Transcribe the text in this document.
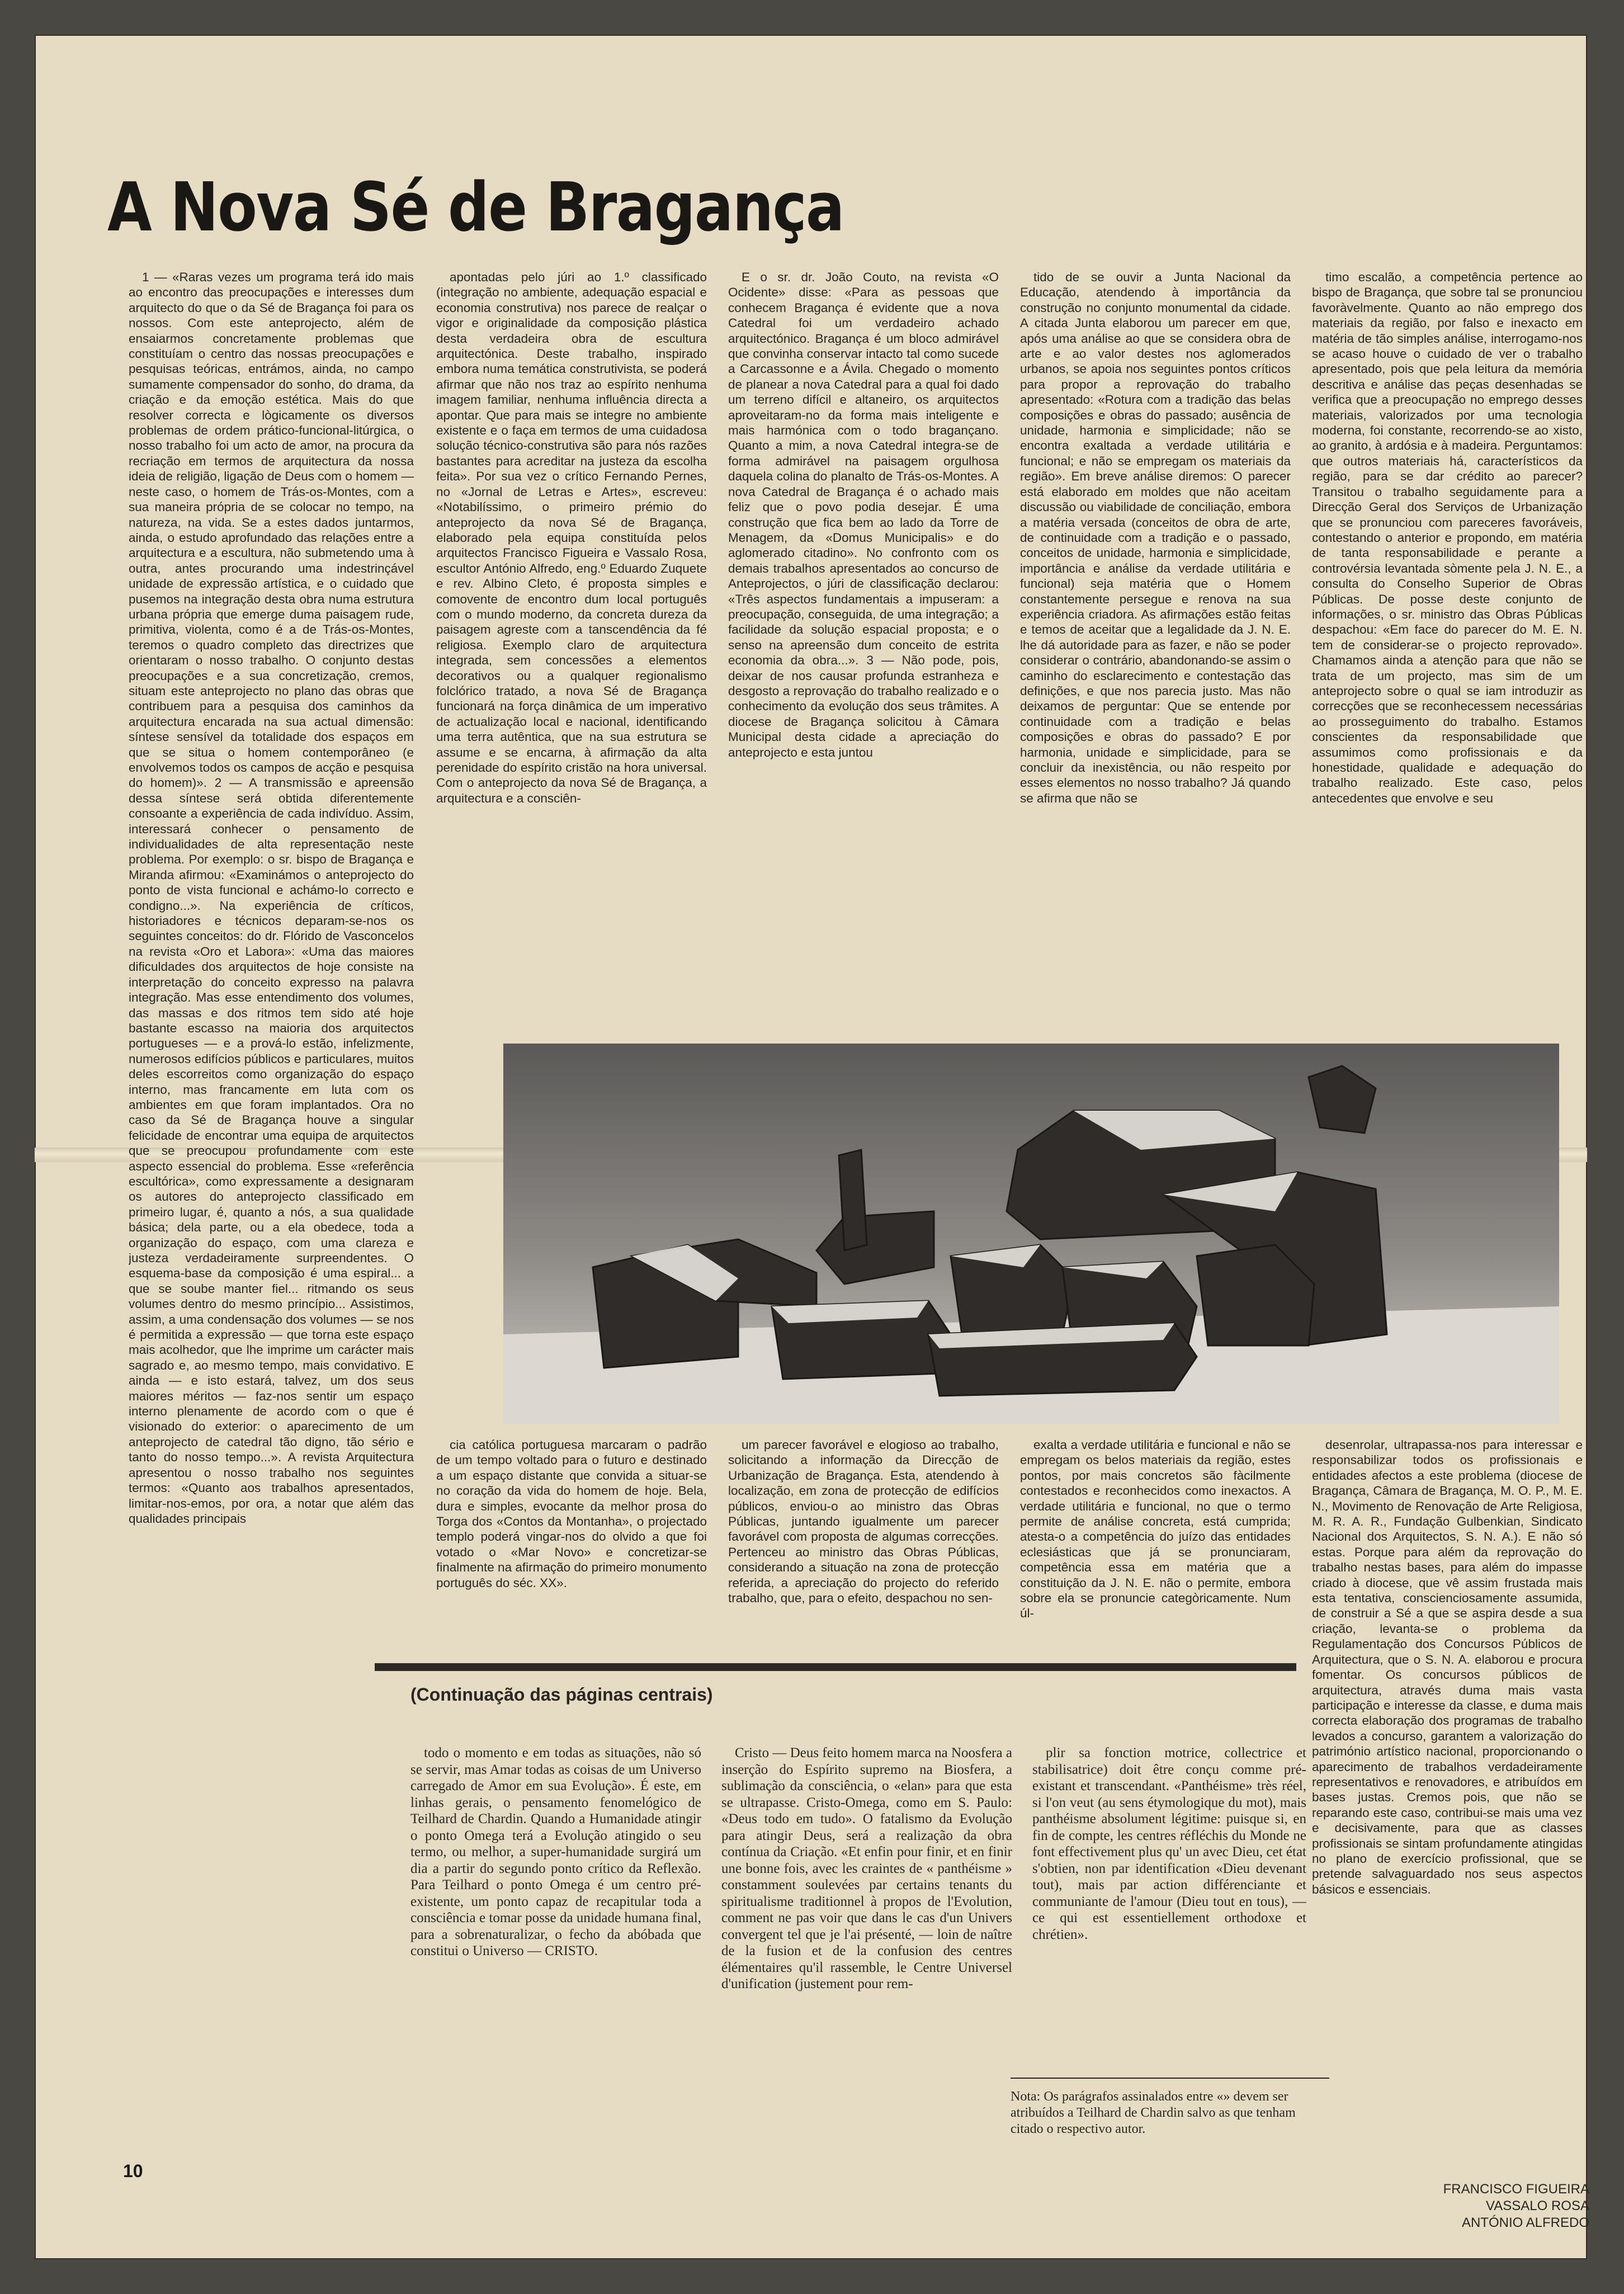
A Nova Sé de Bragança

1 — «Raras vezes um programa terá ido mais ao encontro das preocupações e interesses dum arquitecto do que o da Sé de Bragança foi para os nossos. Com este anteprojecto, além de ensaiarmos concretamente problemas que constituíam o centro das nossas preocupações e pesquisas teóricas, entrámos, ainda, no campo sumamente compensador do sonho, do drama, da criação e da emoção estética. Mais do que resolver correcta e lògicamente os diversos problemas de ordem prático-funcional-litúrgica, o nosso trabalho foi um acto de amor, na procura da recriação em termos de arquitectura da nossa ideia de religião, ligação de Deus com o homem — neste caso, o homem de Trás-os-Montes, com a sua maneira própria de se colocar no tempo, na natureza, na vida. Se a estes dados juntarmos, ainda, o estudo aprofundado das relações entre a arquitectura e a escultura, não submetendo uma à outra, antes procurando uma indestrinçável unidade de expressão artística, e o cuidado que pusemos na integração desta obra numa estrutura urbana própria que emerge duma paisagem rude, primitiva, violenta, como é a de Trás-os-Montes, teremos o quadro completo das directrizes que orientaram o nosso trabalho. O conjunto destas preocupações e a sua concretização, cremos, situam este anteprojecto no plano das obras que contribuem para a pesquisa dos caminhos da arquitectura encarada na sua actual dimensão: síntese sensível da totalidade dos espaços em que se situa o homem contemporâneo (e envolvemos todos os campos de acção e pesquisa do homem)». 2 — A transmissão e apreensão dessa síntese será obtida diferentemente consoante a experiência de cada indivíduo. Assim, interessará conhecer o pensamento de individualidades de alta representação neste problema. Por exemplo: o sr. bispo de Bragança e Miranda afirmou: «Examinámos o anteprojecto do ponto de vista funcional e achámo-lo correcto e condigno...». Na experiência de críticos, historiadores e técnicos deparam-se-nos os seguintes conceitos: do dr. Flórido de Vasconcelos na revista «Oro et Labora»: «Uma das maiores dificuldades dos arquitectos de hoje consiste na interpretação do conceito expresso na palavra integração. Mas esse entendimento dos volumes, das massas e dos ritmos tem sido até hoje bastante escasso na maioria dos arquitectos portugueses — e a prová-lo estão, infelizmente, numerosos edifícios públicos e particulares, muitos deles escorreitos como organização do espaço interno, mas francamente em luta com os ambientes em que foram implantados. Ora no caso da Sé de Bragança houve a singular felicidade de encontrar uma equipa de arquitectos que se preocupou profundamente com este aspecto essencial do problema. Esse «referência escultórica», como expressamente a designaram os autores do anteprojecto classificado em primeiro lugar, é, quanto a nós, a sua qualidade básica; dela parte, ou a ela obedece, toda a organização do espaço, com uma clareza e justeza verdadeiramente surpreendentes. O esquema-base da composição é uma espiral... a que se soube manter fiel... ritmando os seus volumes dentro do mesmo princípio... Assistimos, assim, a uma condensação dos volumes — se nos é permitida a expressão — que torna este espaço mais acolhedor, que lhe imprime um carácter mais sagrado e, ao mesmo tempo, mais convidativo. E ainda — e isto estará, talvez, um dos seus maiores méritos — faz-nos sentir um espaço interno plenamente de acordo com o que é visionado do exterior: o aparecimento de um anteprojecto de catedral tão digno, tão sério e tanto do nosso tempo...». A revista Arquitectura apresentou o nosso trabalho nos seguintes termos: «Quanto aos trabalhos apresentados, limitar-nos-emos, por ora, a notar que além das qualidades principais

apontadas pelo júri ao 1.º classificado (integração no ambiente, adequação espacial e economia construtiva) nos parece de realçar o vigor e originalidade da composição plástica desta verdadeira obra de escultura arquitectónica. Deste trabalho, inspirado embora numa temática construtivista, se poderá afirmar que não nos traz ao espírito nenhuma imagem familiar, nenhuma influência directa a apontar. Que para mais se integre no ambiente existente e o faça em termos de uma cuidadosa solução técnico-construtiva são para nós razões bastantes para acreditar na justeza da escolha feita». Por sua vez o crítico Fernando Pernes, no «Jornal de Letras e Artes», escreveu: «Notabilíssimo, o primeiro prémio do anteprojecto da nova Sé de Bragança, elaborado pela equipa constituída pelos arquitectos Francisco Figueira e Vassalo Rosa, escultor António Alfredo, eng.º Eduardo Zuquete e rev. Albino Cleto, é proposta simples e comovente de encontro dum local português com o mundo moderno, da concreta dureza da paisagem agreste com a tanscendência da fé religiosa. Exemplo claro de arquitectura integrada, sem concessões a elementos decorativos ou a qualquer regionalismo folclórico tratado, a nova Sé de Bragança funcionará na força dinâmica de um imperativo de actualização local e nacional, identificando uma terra autêntica, que na sua estrutura se assume e se encarna, à afirmação da alta perenidade do espírito cristão na hora universal. Com o anteprojecto da nova Sé de Bragança, a arquitectura e a consciên-

E o sr. dr. João Couto, na revista «O Ocidente» disse: «Para as pessoas que conhecem Bragança é evidente que a nova Catedral foi um verdadeiro achado arquitectónico. Bragança é um bloco admirável que convinha conservar intacto tal como sucede a Carcassonne e a Ávila. Chegado o momento de planear a nova Catedral para a qual foi dado um terreno difícil e altaneiro, os arquitectos aproveitaram-no da forma mais inteligente e mais harmónica com o todo bragançano. Quanto a mim, a nova Catedral integra-se de forma admirável na paisagem orgulhosa daquela colina do planalto de Trás-os-Montes. A nova Catedral de Bragança é o achado mais feliz que o povo podia desejar. É uma construção que fica bem ao lado da Torre de Menagem, da «Domus Municipalis» e do aglomerado citadino». No confronto com os demais trabalhos apresentados ao concurso de Anteprojectos, o júri de classificação declarou: «Três aspectos fundamentais a impuseram: a preocupação, conseguida, de uma integração; a facilidade da solução espacial proposta; e o senso na apreensão dum conceito de estrita economia da obra...». 3 — Não pode, pois, deixar de nos causar profunda estranheza e desgosto a reprovação do trabalho realizado e o conhecimento da evolução dos seus trâmites. A diocese de Bragança solicitou à Câmara Municipal desta cidade a apreciação do anteprojecto e esta juntou

tido de se ouvir a Junta Nacional da Educação, atendendo à importância da construção no conjunto monumental da cidade. A citada Junta elaborou um parecer em que, após uma análise ao que se considera obra de arte e ao valor destes nos aglomerados urbanos, se apoia nos seguintes pontos críticos para propor a reprovação do trabalho apresentado: «Rotura com a tradição das belas composições e obras do passado; ausência de unidade, harmonia e simplicidade; não se encontra exaltada a verdade utilitária e funcional; e não se empregam os materiais da região». Em breve análise diremos: O parecer está elaborado em moldes que não aceitam discussão ou viabilidade de conciliação, embora a matéria versada (conceitos de obra de arte, de continuidade com a tradição e o passado, conceitos de unidade, harmonia e simplicidade, importância e análise da verdade utilitária e funcional) seja matéria que o Homem constantemente persegue e renova na sua experiência criadora. As afirmações estão feitas e temos de aceitar que a legalidade da J. N. E. lhe dá autoridade para as fazer, e não se poder considerar o contrário, abandonando-se assim o caminho do esclarecimento e contestação das definições, e que nos parecia justo. Mas não deixamos de perguntar: Que se entende por continuidade com a tradição e belas composições e obras do passado? E por harmonia, unidade e simplicidade, para se concluir da inexistência, ou não respeito por esses elementos no nosso trabalho? Já quando se afirma que não se

timo escalão, a competência pertence ao bispo de Bragança, que sobre tal se pronunciou favoràvelmente. Quanto ao não emprego dos materiais da região, por falso e inexacto em matéria de tão simples análise, interrogamo-nos se acaso houve o cuidado de ver o trabalho apresentado, pois que pela leitura da memória descritiva e análise das peças desenhadas se verifica que a preocupação no emprego desses materiais, valorizados por uma tecnologia moderna, foi constante, recorrendo-se ao xisto, ao granito, à ardósia e à madeira. Perguntamos: que outros materiais há, característicos da região, para se dar crédito ao parecer? Transitou o trabalho seguidamente para a Direcção Geral dos Serviços de Urbanização que se pronunciou com pareceres favoráveis, contestando o anterior e propondo, em matéria de tanta responsabilidade e perante a controvérsia levantada sòmente pela J. N. E., a consulta do Conselho Superior de Obras Públicas. De posse deste conjunto de informações, o sr. ministro das Obras Públicas despachou: «Em face do parecer do M. E. N. tem de considerar-se o projecto reprovado». Chamamos ainda a atenção para que não se trata de um projecto, mas sim de um anteprojecto sobre o qual se iam introduzir as correcções que se reconhecessem necessárias ao prosseguimento do trabalho. Estamos conscientes da responsabilidade que assumimos como profissionais e da honestidade, qualidade e adequação do trabalho realizado. Este caso, pelos antecedentes que envolve e seu

cia católica portuguesa marcaram o padrão de um tempo voltado para o futuro e destinado a um espaço distante que convida a situar-se no coração da vida do homem de hoje. Bela, dura e simples, evocante da melhor prosa do Torga dos «Contos da Montanha», o projectado templo poderá vingar-nos do olvido a que foi votado o «Mar Novo» e concretizar-se finalmente na afirmação do primeiro monumento português do séc. XX».

um parecer favorável e elogioso ao trabalho, solicitando a informação da Direcção de Urbanização de Bragança. Esta, atendendo à localização, em zona de protecção de edifícios públicos, enviou-o ao ministro das Obras Públicas, juntando igualmente um parecer favorável com proposta de algumas correcções. Pertenceu ao ministro das Obras Públicas, considerando a situação na zona de protecção referida, a apreciação do projecto do referido trabalho, que, para o efeito, despachou no sen-

exalta a verdade utilitária e funcional e não se empregam os belos materiais da região, estes pontos, por mais concretos são fàcilmente contestados e reconhecidos como inexactos. A verdade utilitária e funcional, no que o termo permite de análise concreta, está cumprida; atesta-o a competência do juízo das entidades eclesiásticas que já se pronunciaram, competência essa em matéria que a constituição da J. N. E. não o permite, embora sobre ela se pronuncie categòricamente. Num úl-

desenrolar, ultrapassa-nos para interessar e responsabilizar todos os profissionais e entidades afectos a este problema (diocese de Bragança, Câmara de Bragança, M. O. P., M. E. N., Movimento de Renovação de Arte Religiosa, M. R. A. R., Fundação Gulbenkian, Sindicato Nacional dos Arquitectos, S. N. A.). E não só estas. Porque para além da reprovação do trabalho nestas bases, para além do impasse criado à diocese, que vê assim frustada mais esta tentativa, conscienciosamente assumida, de construir a Sé a que se aspira desde a sua criação, levanta-se o problema da Regulamentação dos Concursos Públicos de Arquitectura, que o S. N. A. elaborou e procura fomentar. Os concursos públicos de arquitectura, através duma mais vasta participação e interesse da classe, e duma mais correcta elaboração dos programas de trabalho levados a concurso, garantem a valorização do património artístico nacional, proporcionando o aparecimento de trabalhos verdadeiramente representativos e renovadores, e atribuídos em bases justas. Cremos pois, que não se reparando este caso, contribui-se mais uma vez e decisivamente, para que as classes profissionais se sintam profundamente atingidas no plano de exercício profissional, que se pretende salvaguardado nos seus aspectos básicos e essenciais.

(Continuação das páginas centrais)

todo o momento e em todas as situações, não só se servir, mas Amar todas as coisas de um Universo carregado de Amor em sua Evolução». É este, em linhas gerais, o pensamento fenomelógico de Teilhard de Chardin. Quando a Humanidade atingir o ponto Omega terá a Evolução atingido o seu termo, ou melhor, a super-humanidade surgirá um dia a partir do segundo ponto crítico da Reflexão. Para Teilhard o ponto Omega é um centro pré-existente, um ponto capaz de recapitular toda a consciência e tomar posse da unidade humana final, para a sobrenaturalizar, o fecho da abóbada que constitui o Universo — CRISTO.

Cristo — Deus feito homem marca na Noosfera a inserção do Espírito supremo na Biosfera, a sublimação da consciência, o «elan» para que esta se ultrapasse. Cristo-Omega, como em S. Paulo: «Deus todo em tudo». O fatalismo da Evolução para atingir Deus, será a realização da obra contínua da Criação. «Et enfin pour finir, et en finir une bonne fois, avec les craintes de « panthéisme » constamment soulevées par certains tenants du spiritualisme traditionnel à propos de l'Evolution, comment ne pas voir que dans le cas d'un Univers convergent tel que je l'ai présenté, — loin de naître de la fusion et de la confusion des centres élémentaires qu'il rassemble, le Centre Universel d'unification (justement pour rem-

plir sa fonction motrice, collectrice et stabilisatrice) doit être conçu comme pré-existant et transcendant. «Panthéisme» très réel, si l'on veut (au sens étymologique du mot), mais panthéisme absolument légitime: puisque si, en fin de compte, les centres réfléchis du Monde ne font effectivement plus qu' un avec Dieu, cet état s'obtien, non par identification «Dieu devenant tout), mais par action différenciante et communiante de l'amour (Dieu tout en tous), — ce qui est essentiellement orthodoxe et chrétien».

Nota: Os parágrafos assinalados entre «» devem ser atribuídos a Teilhard de Chardin salvo as que tenham citado o respectivo autor.
FRANCISCO FIGUEIRA
VASSALO ROSA
ANTÓNIO ALFREDO
10
